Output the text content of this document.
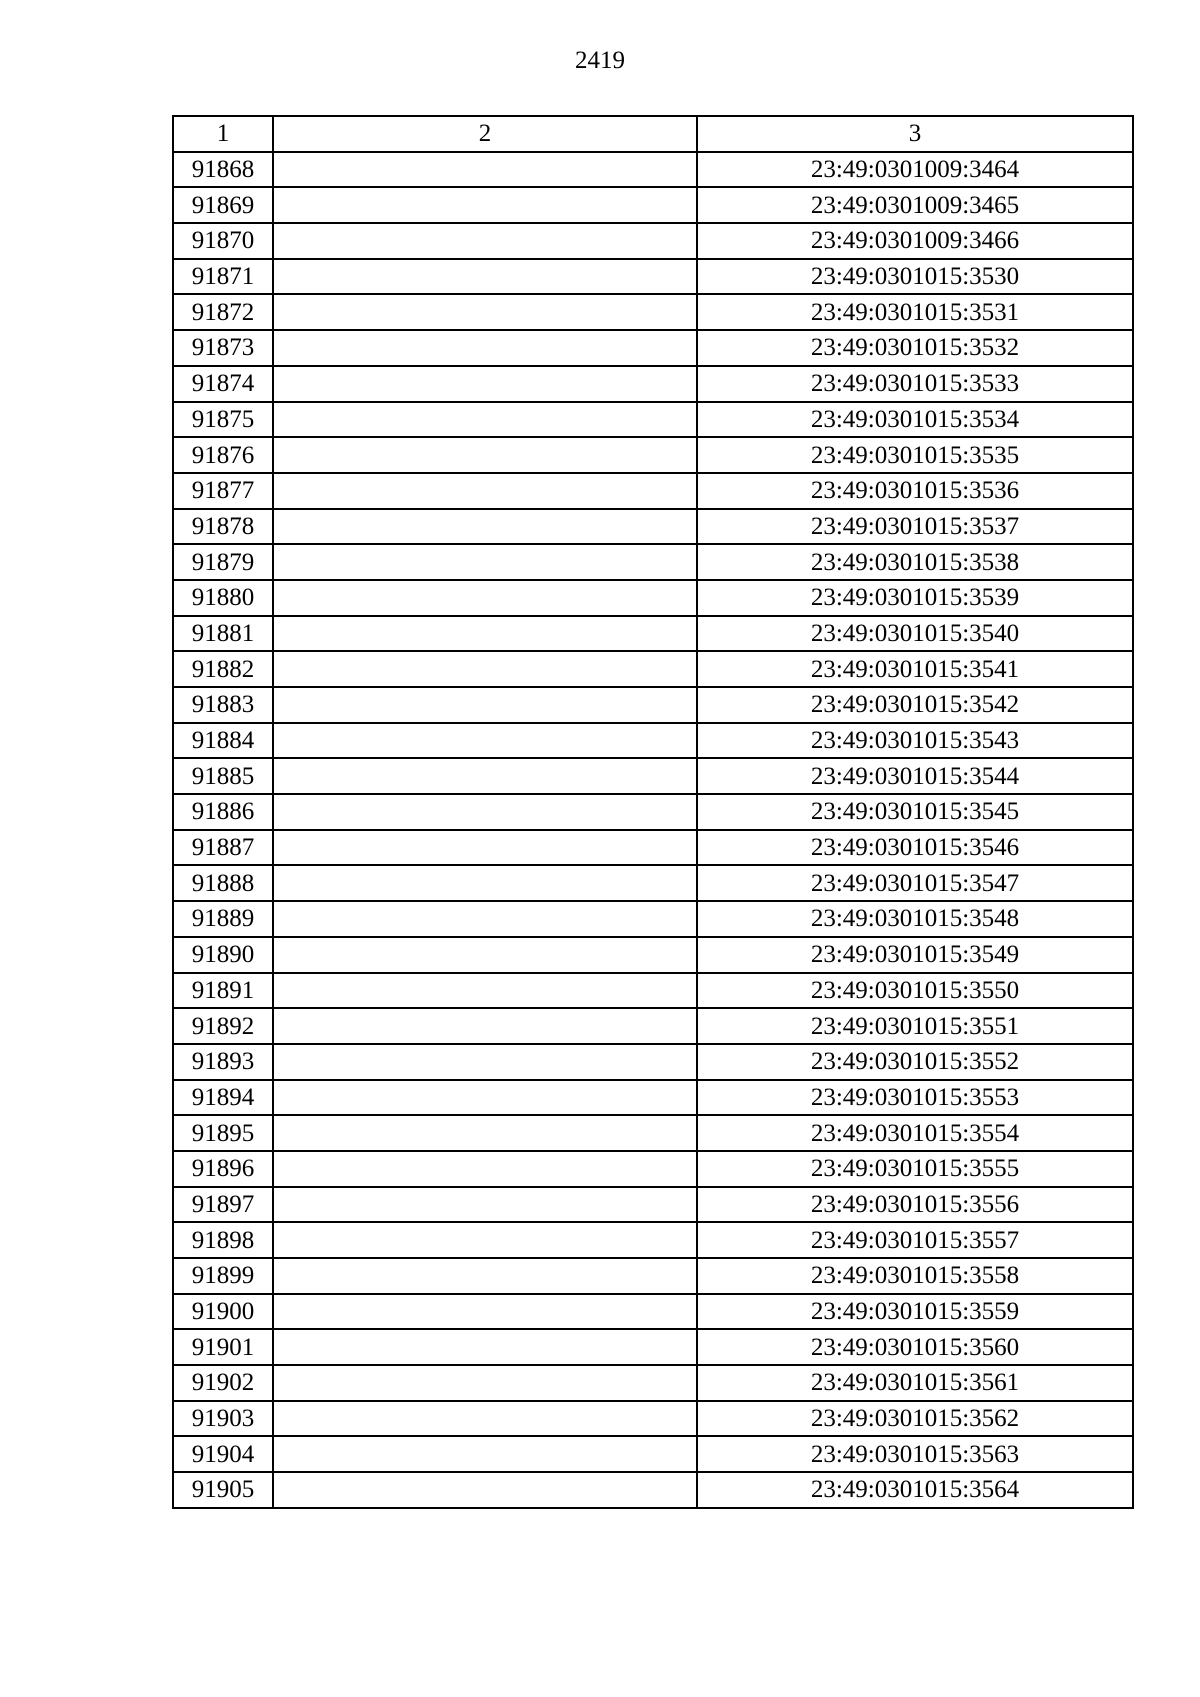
2419
1	2	3
91868		23:49:0301009:3464
91869		23:49:0301009:3465
91870		23:49:0301009:3466
91871		23:49:0301015:3530
91872		23:49:0301015:3531
91873		23:49:0301015:3532
91874		23:49:0301015:3533
91875		23:49:0301015:3534
91876		23:49:0301015:3535
91877		23:49:0301015:3536
91878		23:49:0301015:3537
91879		23:49:0301015:3538
91880		23:49:0301015:3539
91881		23:49:0301015:3540
91882		23:49:0301015:3541
91883		23:49:0301015:3542
91884		23:49:0301015:3543
91885		23:49:0301015:3544
91886		23:49:0301015:3545
91887		23:49:0301015:3546
91888		23:49:0301015:3547
91889		23:49:0301015:3548
91890		23:49:0301015:3549
91891		23:49:0301015:3550
91892		23:49:0301015:3551
91893		23:49:0301015:3552
91894		23:49:0301015:3553
91895		23:49:0301015:3554
91896		23:49:0301015:3555
91897		23:49:0301015:3556
91898		23:49:0301015:3557
91899		23:49:0301015:3558
91900		23:49:0301015:3559
91901		23:49:0301015:3560
91902		23:49:0301015:3561
91903		23:49:0301015:3562
91904		23:49:0301015:3563
91905		23:49:0301015:3564
